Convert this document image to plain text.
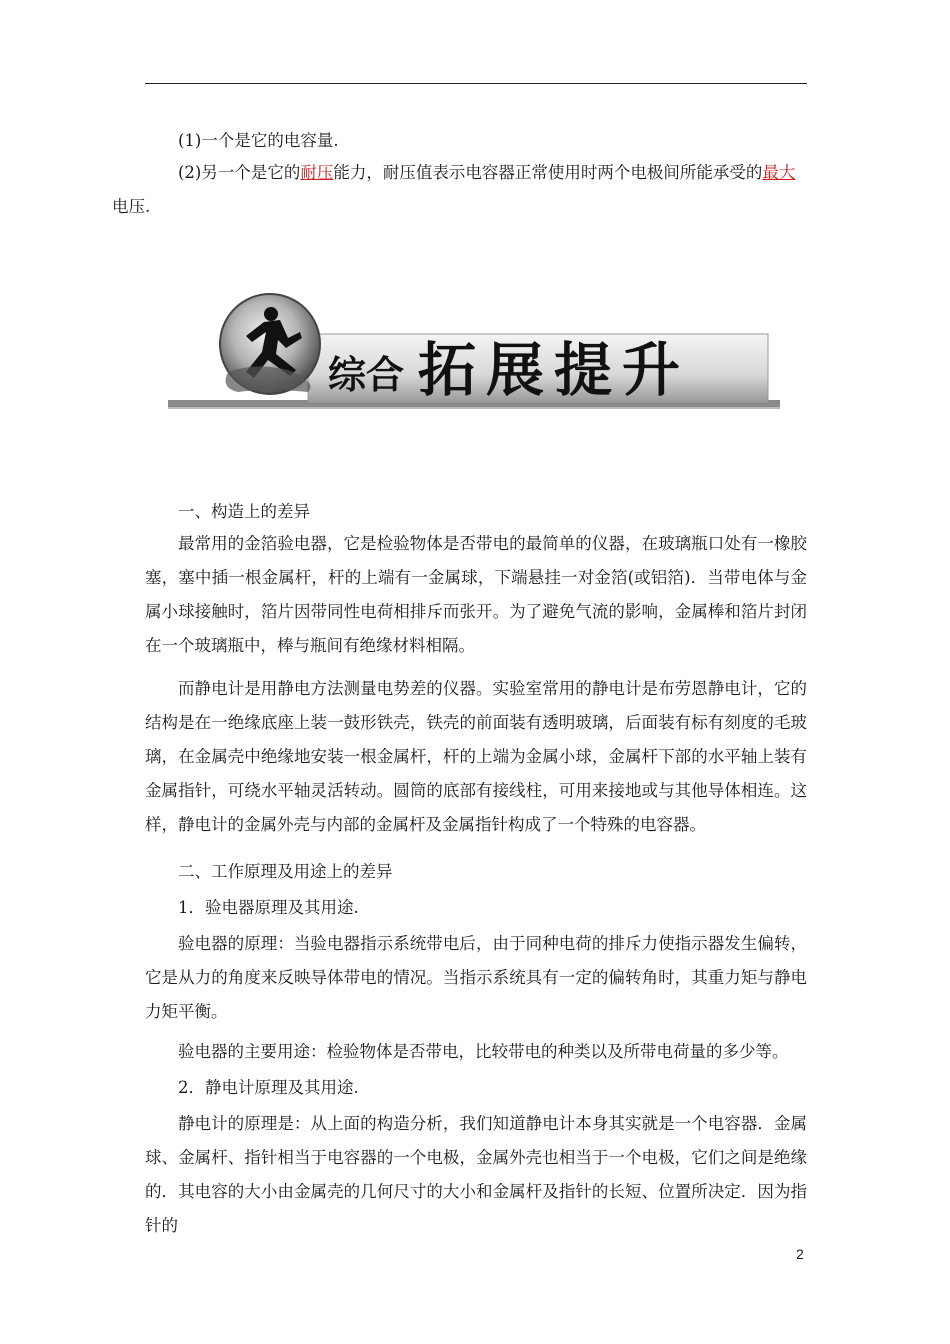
(1)一个是它的电容量.

(2)另一个是它的耐压能力，耐压值表示电容器正常使用时两个电极间所能承受的最大
电压.

综合 拓展提升

一、构造上的差异

最常用的金箔验电器，它是检验物体是否带电的最简单的仪器，在玻璃瓶口处有一橡胶塞，塞中插一根金属杆，杆的上端有一金属球，下端悬挂一对金箔(或铝箔)．当带电体与金属小球接触时，箔片因带同性电荷相排斥而张开。为了避免气流的影响，金属棒和箔片封闭在一个玻璃瓶中，棒与瓶间有绝缘材料相隔。

而静电计是用静电方法测量电势差的仪器。实验室常用的静电计是布劳恩静电计，它的结构是在一绝缘底座上装一鼓形铁壳，铁壳的前面装有透明玻璃，后面装有标有刻度的毛玻璃，在金属壳中绝缘地安装一根金属杆，杆的上端为金属小球，金属杆下部的水平轴上装有金属指针，可绕水平轴灵活转动。圆筒的底部有接线柱，可用来接地或与其他导体相连。这样，静电计的金属外壳与内部的金属杆及金属指针构成了一个特殊的电容器。

二、工作原理及用途上的差异

1．验电器原理及其用途.

验电器的原理：当验电器指示系统带电后，由于同种电荷的排斥力使指示器发生偏转，它是从力的角度来反映导体带电的情况。当指示系统具有一定的偏转角时，其重力矩与静电力矩平衡。

验电器的主要用途：检验物体是否带电，比较带电的种类以及所带电荷量的多少等。

2．静电计原理及其用途.

静电计的原理是：从上面的构造分析，我们知道静电计本身其实就是一个电容器．金属球、金属杆、指针相当于电容器的一个电极，金属外壳也相当于一个电极，它们之间是绝缘的．其电容的大小由金属壳的几何尺寸的大小和金属杆及指针的长短、位置所决定．因为指针的

2
